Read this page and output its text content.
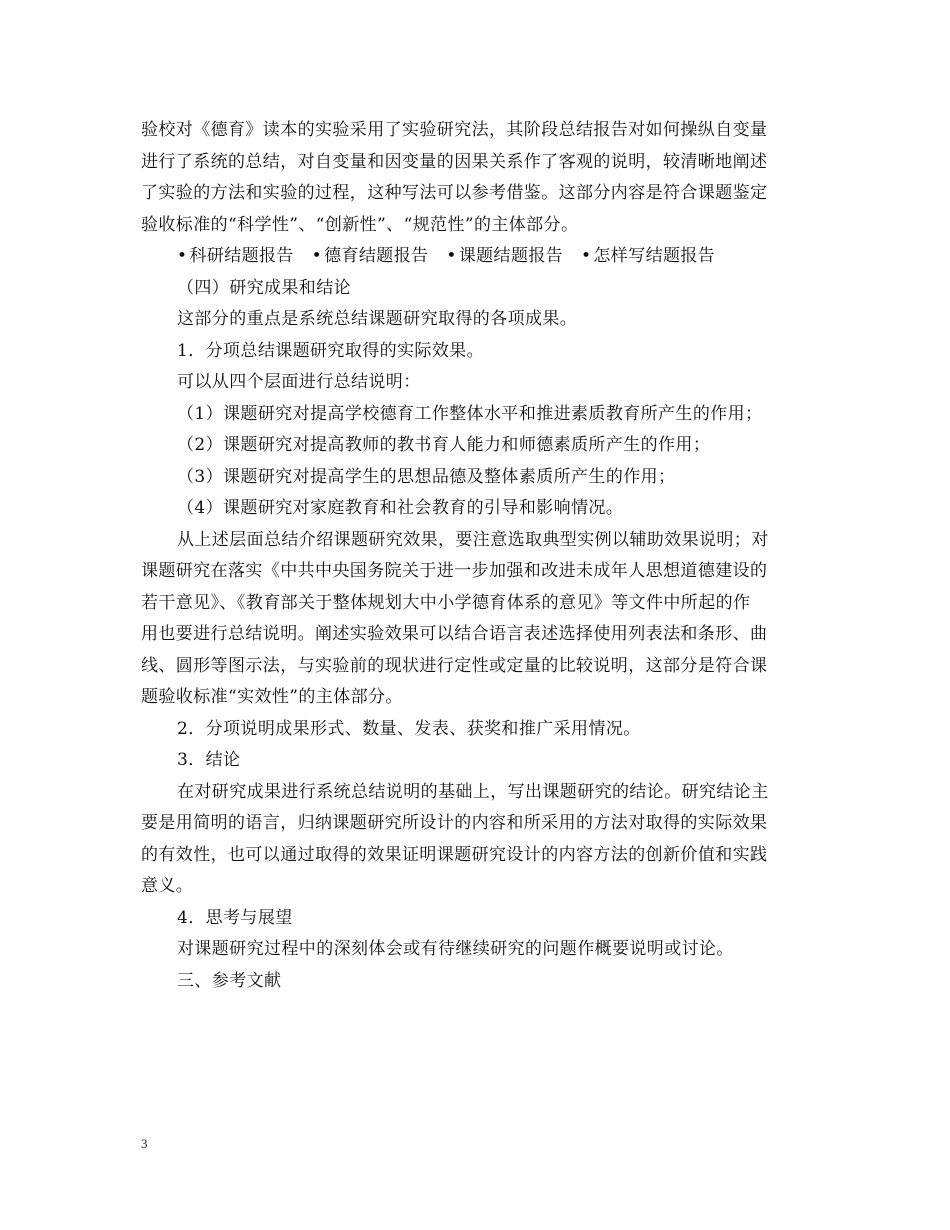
验校对《德育》读本的实验采用了实验研究法，其阶段总结报告对如何操纵自变量
进行了系统的总结，对自变量和因变量的因果关系作了客观的说明，较清晰地阐述
了实验的方法和实验的过程，这种写法可以参考借鉴。这部分内容是符合课题鉴定
验收标准的“科学性”、“创新性”、“规范性”的主体部分。

• 科研结题报告 • 德育结题报告 • 课题结题报告 • 怎样写结题报告

（四）研究成果和结论

这部分的重点是系统总结课题研究取得的各项成果。

1．分项总结课题研究取得的实际效果。

可以从四个层面进行总结说明：

（1）课题研究对提高学校德育工作整体水平和推进素质教育所产生的作用；

（2）课题研究对提高教师的教书育人能力和师德素质所产生的作用；

（3）课题研究对提高学生的思想品德及整体素质所产生的作用；

（4）课题研究对家庭教育和社会教育的引导和影响情况。

从上述层面总结介绍课题研究效果，要注意选取典型实例以辅助效果说明；对
课题研究在落实《中共中央国务院关于进一步加强和改进未成年人思想道德建设的
若干意见》、《教育部关于整体规划大中小学德育体系的意见》等文件中所起的作
用也要进行总结说明。阐述实验效果可以结合语言表述选择使用列表法和条形、曲
线、圆形等图示法，与实验前的现状进行定性或定量的比较说明，这部分是符合课
题验收标准“实效性”的主体部分。

2．分项说明成果形式、数量、发表、获奖和推广采用情况。

3．结论

在对研究成果进行系统总结说明的基础上，写出课题研究的结论。研究结论主
要是用简明的语言，归纳课题研究所设计的内容和所采用的方法对取得的实际效果
的有效性，也可以通过取得的效果证明课题研究设计的内容方法的创新价值和实践
意义。

4．思考与展望

对课题研究过程中的深刻体会或有待继续研究的问题作概要说明或讨论。

三、参考文献

3
